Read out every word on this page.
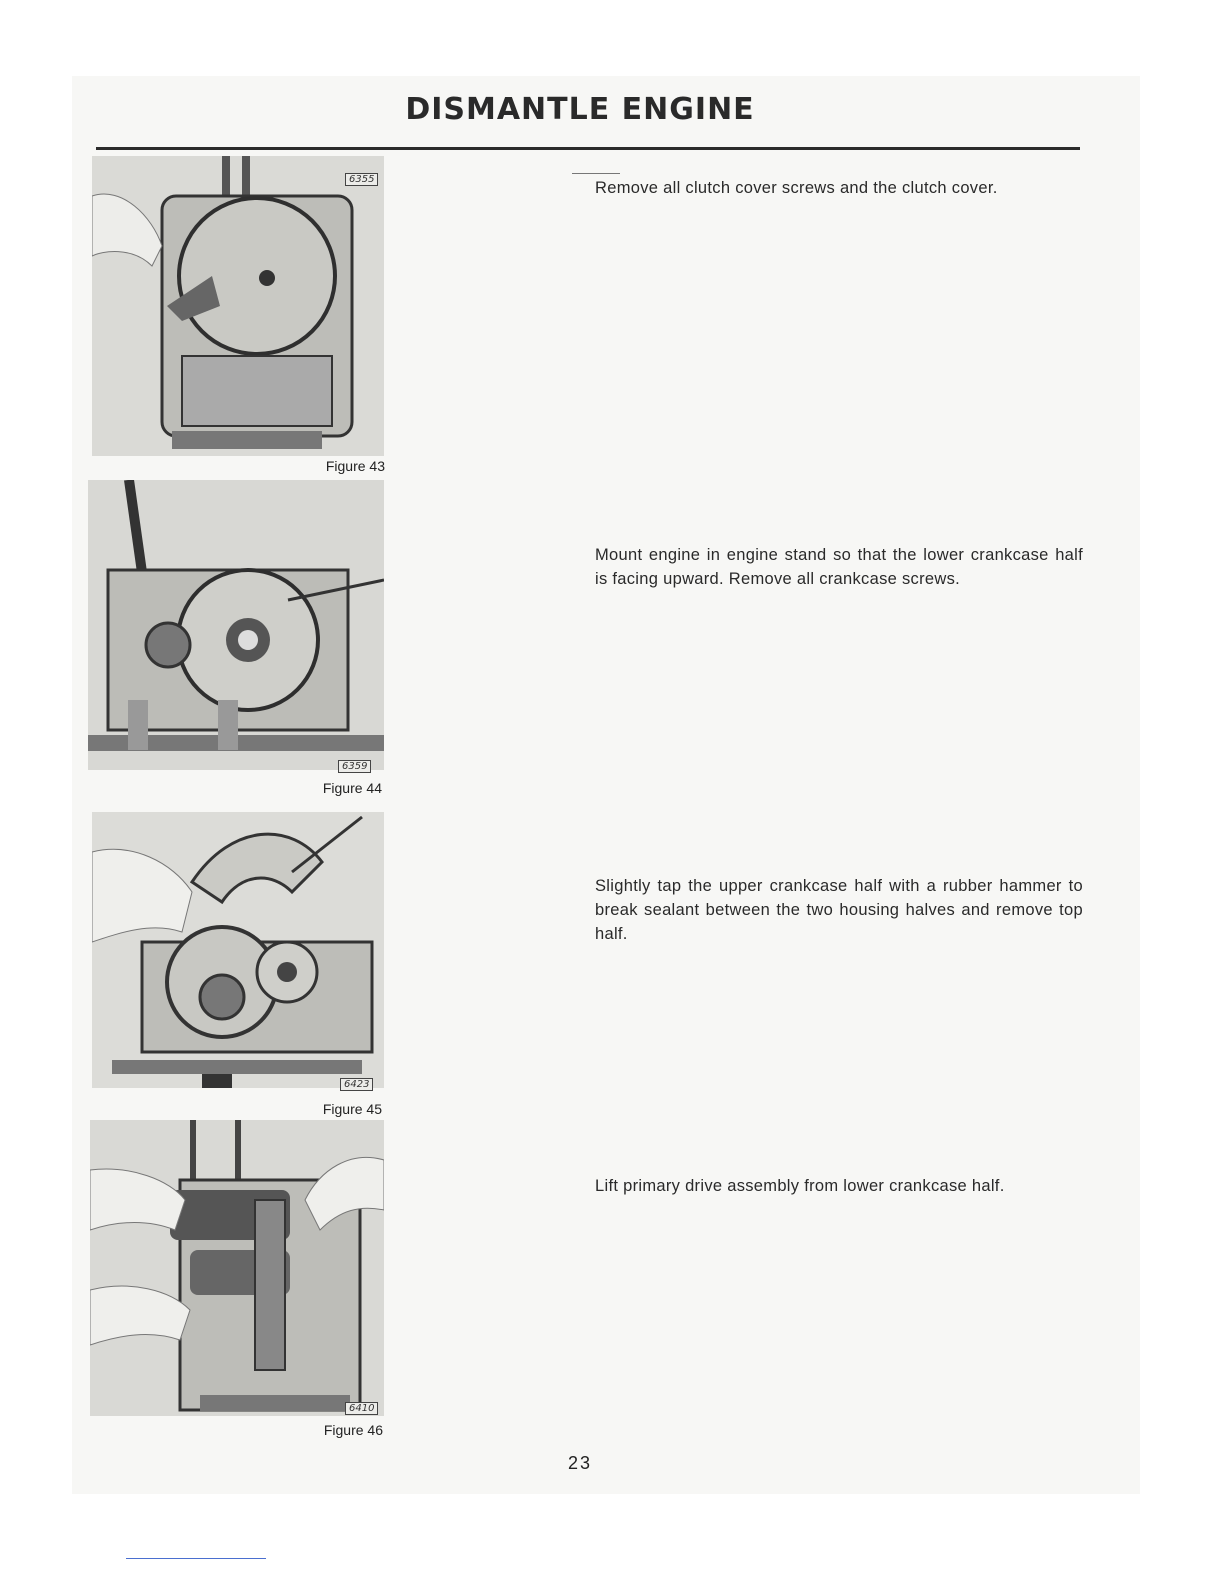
DISMANTLE ENGINE
6355
Figure 43
6359
Figure 44
6423
Figure 45
6410
Figure 46
Remove all clutch cover screws and the clutch cover.
Mount engine in engine stand so that the lower crankcase half is facing upward. Remove all crankcase screws.
Slightly tap the upper crankcase half with a rubber hammer to break sealant between the two housing halves and remove top half.
Lift primary drive assembly from lower crankcase half.
23
